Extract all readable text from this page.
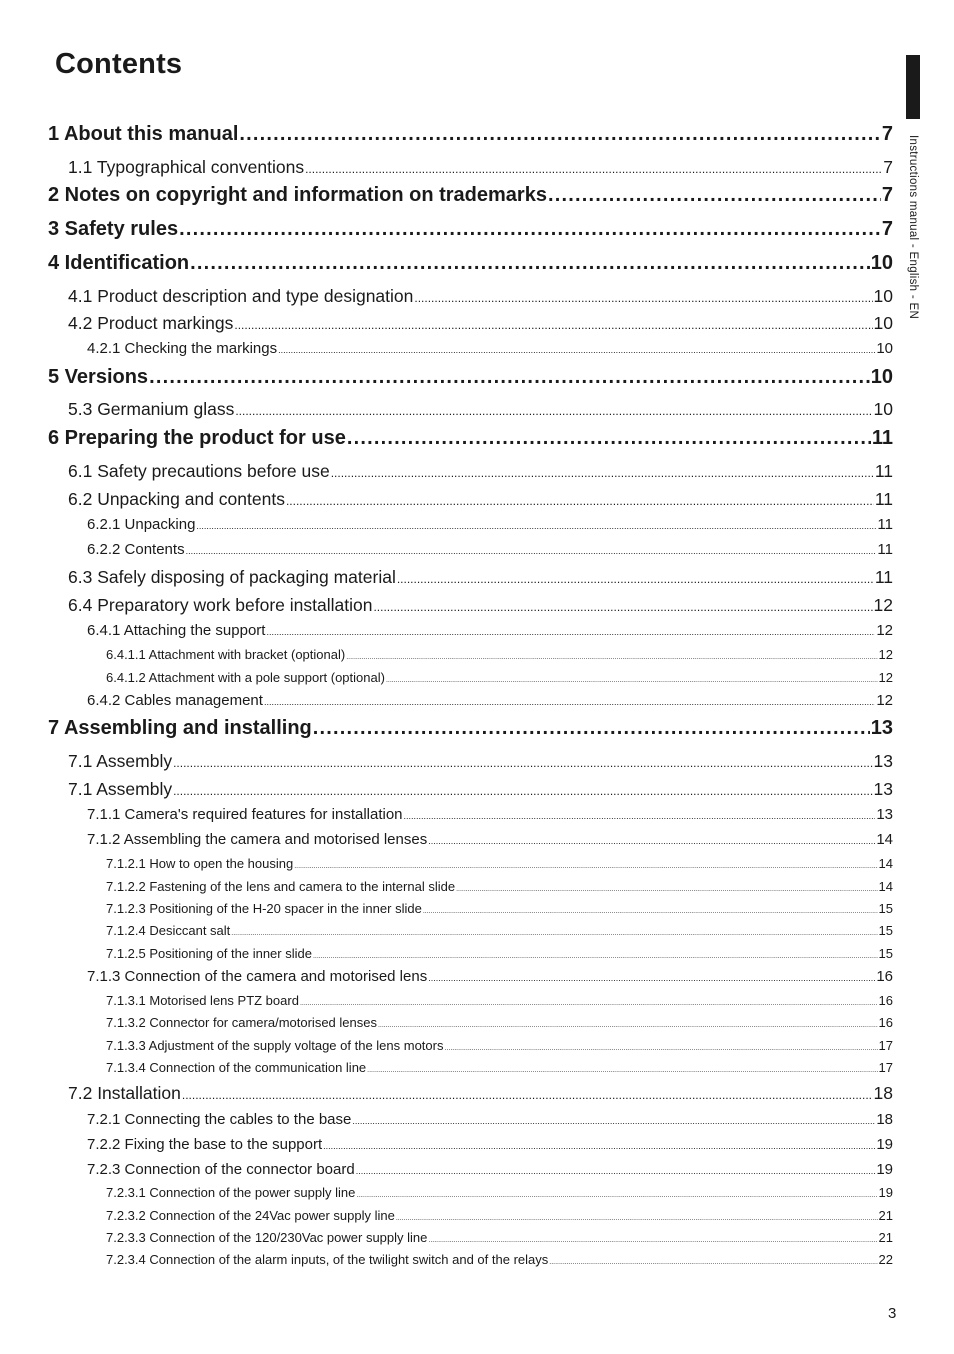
Contents
Instructions manual - English - EN
1 About this manual .....	7
1.1 Typographical conventions .....	7
2 Notes on copyright and information on trademarks .....	7
3 Safety rules .....	7
4 Identification .....	10
4.1 Product description and type designation .....	10
4.2 Product markings .....	10
4.2.1 Checking the markings .....	10
5 Versions .....	10
5.3 Germanium glass .....	10
6 Preparing the product for use .....	11
6.1 Safety precautions before use .....	11
6.2 Unpacking and contents .....	11
6.2.1 Unpacking .....	11
6.2.2 Contents .....	11
6.3 Safely disposing of packaging material .....	11
6.4 Preparatory work before installation .....	12
6.4.1 Attaching the support .....	12
6.4.1.1 Attachment with bracket (optional) .....	12
6.4.1.2 Attachment with a pole support (optional) .....	12
6.4.2 Cables management .....	12
7 Assembling and installing .....	13
7.1 Assembly .....	13
7.1 Assembly .....	13
7.1.1 Camera's required features for installation .....	13
7.1.2 Assembling the camera and motorised lenses .....	14
7.1.2.1 How to open the housing .....	14
7.1.2.2 Fastening of the lens and camera to the internal slide .....	14
7.1.2.3 Positioning of the H-20 spacer in the inner slide .....	15
7.1.2.4 Desiccant salt .....	15
7.1.2.5 Positioning of the inner slide .....	15
7.1.3 Connection of the camera and motorised lens .....	16
7.1.3.1 Motorised lens PTZ board .....	16
7.1.3.2 Connector for camera/motorised lenses .....	16
7.1.3.3 Adjustment of the supply voltage of the lens motors .....	17
7.1.3.4 Connection of the communication line .....	17
7.2 Installation .....	18
7.2.1 Connecting the cables to the base .....	18
7.2.2 Fixing the base to the support .....	19
7.2.3 Connection of the connector board .....	19
7.2.3.1 Connection of the power supply line .....	19
7.2.3.2 Connection of the 24Vac power supply line .....	21
7.2.3.3 Connection of the 120/230Vac power supply line .....	21
7.2.3.4 Connection of the alarm inputs, of the twilight switch and of the relays .....	22
3
